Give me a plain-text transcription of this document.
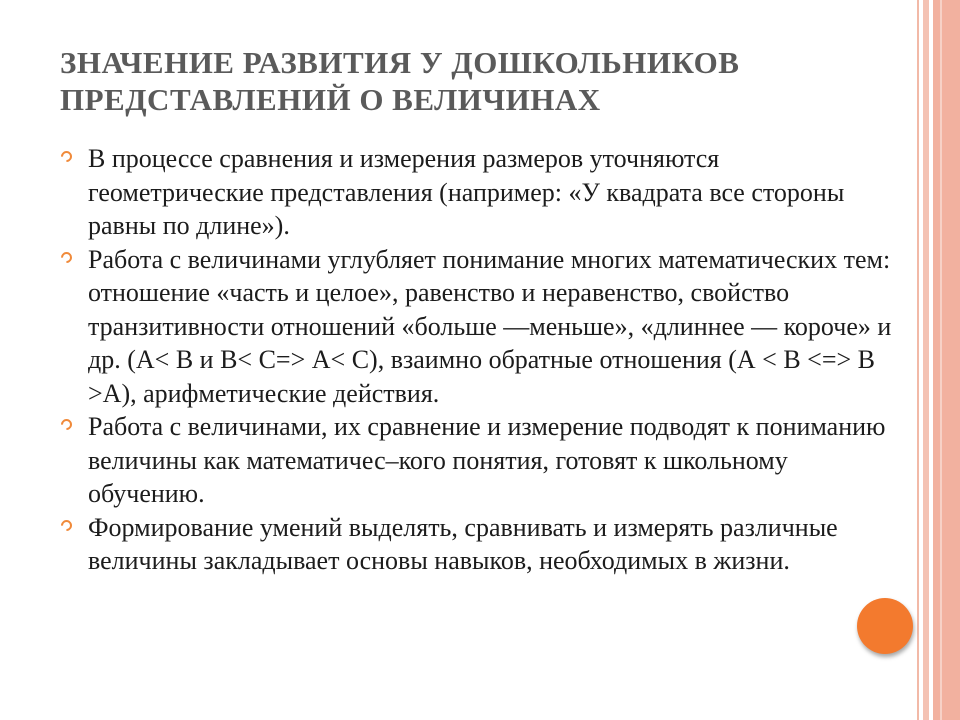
ЗНАЧЕНИЕ РАЗВИТИЯ У ДОШКОЛЬНИКОВ ПРЕДСТАВЛЕНИЙ О ВЕЛИЧИНАХ
В процессе сравнения и измерения размеров уточняются геометрические представления (например: «У квадрата все стороны равны по длине»).
Работа с величинами углубляет понимание многих математических тем: отношение «часть и целое», равенство и неравенство, свойство транзитивности отношений «больше —меньше», «длиннее — короче» и др. (А< В и В< С=> А< С), взаимно обратные отношения (А < В <=> В >А), арифметические действия.
Работа с величинами, их сравнение и измерение подводят к пониманию величины как математичес–кого понятия, готовят к школьному обучению.
Формирование умений выделять, сравнивать и измерять различные величины закладывает основы навыков, необходимых в жизни.
